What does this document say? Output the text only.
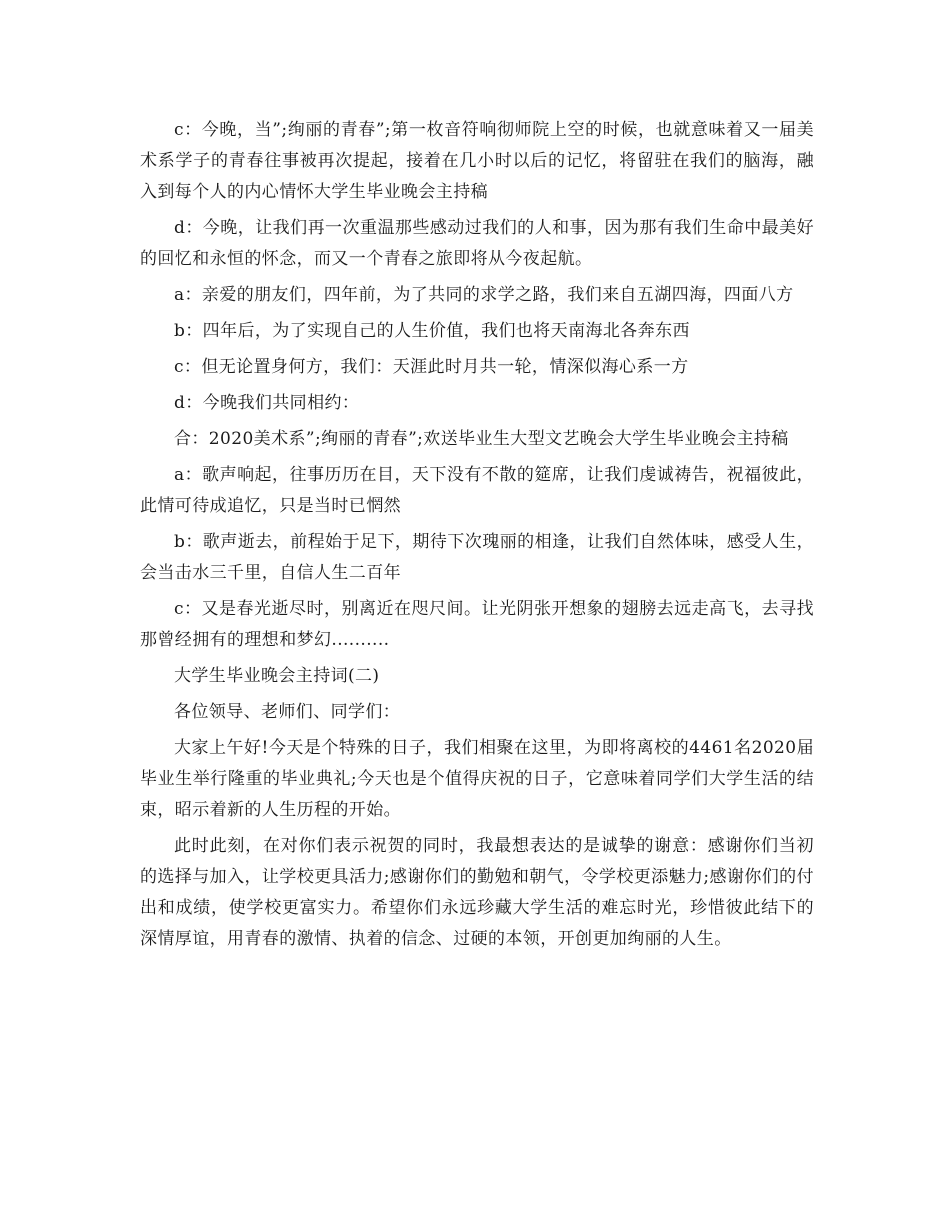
c：今晚，当”;绚丽的青春”;第一枚音符响彻师院上空的时候，也就意味着又一届美术系学子的青春往事被再次提起，接着在几小时以后的记忆，将留驻在我们的脑海，融入到每个人的内心情怀大学生毕业晚会主持稿

d：今晚，让我们再一次重温那些感动过我们的人和事，因为那有我们生命中最美好的回忆和永恒的怀念，而又一个青春之旅即将从今夜起航。

a：亲爱的朋友们，四年前，为了共同的求学之路，我们来自五湖四海，四面八方

b：四年后，为了实现自己的人生价值，我们也将天南海北各奔东西

c：但无论置身何方，我们：天涯此时月共一轮，情深似海心系一方

d：今晚我们共同相约：

合：2020美术系”;绚丽的青春”;欢送毕业生大型文艺晚会大学生毕业晚会主持稿

a：歌声响起，往事历历在目，天下没有不散的筵席，让我们虔诚祷告，祝福彼此，此情可待成追忆，只是当时已惘然

b：歌声逝去，前程始于足下，期待下次瑰丽的相逢，让我们自然体味，感受人生，会当击水三千里，自信人生二百年

c：又是春光逝尽时，别离近在咫尺间。让光阴张开想象的翅膀去远走高飞，去寻找那曾经拥有的理想和梦幻..........

大学生毕业晚会主持词(二)

各位领导、老师们、同学们：

大家上午好!今天是个特殊的日子，我们相聚在这里，为即将离校的4461名2020届毕业生举行隆重的毕业典礼;今天也是个值得庆祝的日子，它意味着同学们大学生活的结束，昭示着新的人生历程的开始。

此时此刻，在对你们表示祝贺的同时，我最想表达的是诚挚的谢意：感谢你们当初的选择与加入，让学校更具活力;感谢你们的勤勉和朝气，令学校更添魅力;感谢你们的付出和成绩，使学校更富实力。希望你们永远珍藏大学生活的难忘时光，珍惜彼此结下的深情厚谊，用青春的激情、执着的信念、过硬的本领，开创更加绚丽的人生。
